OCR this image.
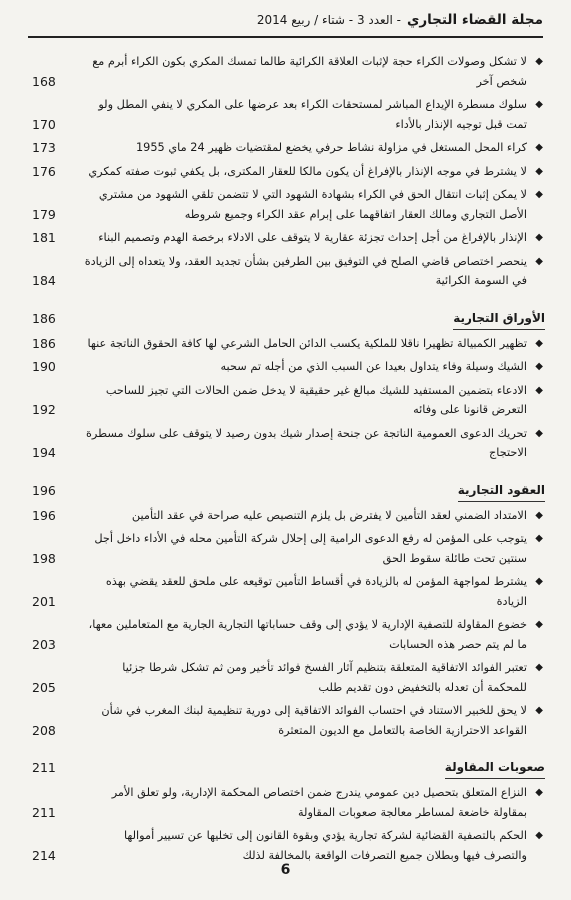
مجلة القضاء التجاري
- العدد 3 - شتاء / ربيع 2014
◆
لا تشكل وصولات الكراء حجة لإثبات العلاقة الكرائية طالما تمسك المكري بكون الكراء أبرم مع شخص آخر
168
◆
سلوك مسطرة الإيداع المباشر لمستحقات الكراء بعد عرضها على المكري لا ينفي المطل ولو تمت قبل توجيه الإنذار بالأداء
170
◆
كراء المحل المستغل في مزاولة نشاط حرفي يخضع لمقتضيات ظهير 24 ماي 1955
173
◆
لا يشترط في موجه الإنذار بالإفراغ أن يكون مالكا للعقار المكترى، بل يكفي ثبوت صفته كمكري
176
◆
لا يمكن إثبات انتقال الحق في الكراء بشهادة الشهود التي لا تتضمن تلقي الشهود من مشتري الأصل التجاري ومالك العقار اتفاقهما على إبرام عقد الكراء وجميع شروطه
179
◆
الإنذار بالإفراغ من أجل إحداث تجزئة عقارية لا يتوقف على الادلاء برخصة الهدم وتصميم البناء
181
◆
ينحصر اختصاص قاضي الصلح في التوفيق بين الطرفين بشأن تجديد العقد، ولا يتعداه إلى الزيادة في السومة الكرائية
184
الأوراق التجارية
186
◆
تظهير الكمبيالة تظهيرا ناقلا للملكية يكسب الدائن الحامل الشرعي لها كافة الحقوق الناتجة عنها
186
◆
الشيك وسيلة وفاء يتداول بعيدا عن السبب الذي من أجله تم سحبه
190
◆
الادعاء بتضمين المستفيد للشيك مبالغ غير حقيقية لا يدخل ضمن الحالات التي تجيز للساحب التعرض قانونا على وفائه
192
◆
تحريك الدعوى العمومية الناتجة عن جنحة إصدار شيك بدون رصيد لا يتوقف على سلوك مسطرة الاحتجاج
194
العقود التجارية
196
◆
الامتداد الضمني لعقد التأمين لا يفترض بل يلزم التنصيص عليه صراحة في عقد التأمين
196
◆
يتوجب على المؤمن له رفع الدعوى الرامية إلى إحلال شركة التأمين محله في الأداء داخل أجل سنتين تحت طائلة سقوط الحق
198
◆
يشترط لمواجهة المؤمن له بالزيادة في أقساط التأمين توقيعه على ملحق للعقد يقضي بهذه الزيادة
201
◆
خضوع المقاولة للتصفية الإدارية لا يؤدي إلى وقف حساباتها التجارية الجارية مع المتعاملين معها، ما لم يتم حصر هذه الحسابات
203
◆
تعتبر الفوائد الاتفاقية المتعلقة بتنظيم آثار الفسخ فوائد تأخير ومن ثم تشكل شرطا جزئيا للمحكمة أن تعدله بالتخفيض دون تقديم طلب
205
◆
لا يحق للخبير الاستناد في احتساب الفوائد الاتفاقية إلى دورية تنظيمية لبنك المغرب في شأن القواعد الاحترازية الخاصة بالتعامل مع الديون المتعثرة
208
صعوبات المقاولة
211
◆
النزاع المتعلق بتحصيل دين عمومي يندرج ضمن اختصاص المحكمة الإدارية، ولو تعلق الأمر بمقاولة خاضعة لمساطر معالجة صعوبات المقاولة
211
◆
الحكم بالتصفية القضائية لشركة تجارية يؤدي وبقوة القانون إلى تخليها عن تسيير أموالها والتصرف فيها وبطلان جميع التصرفات الواقعة بالمخالفة لذلك
214
6
